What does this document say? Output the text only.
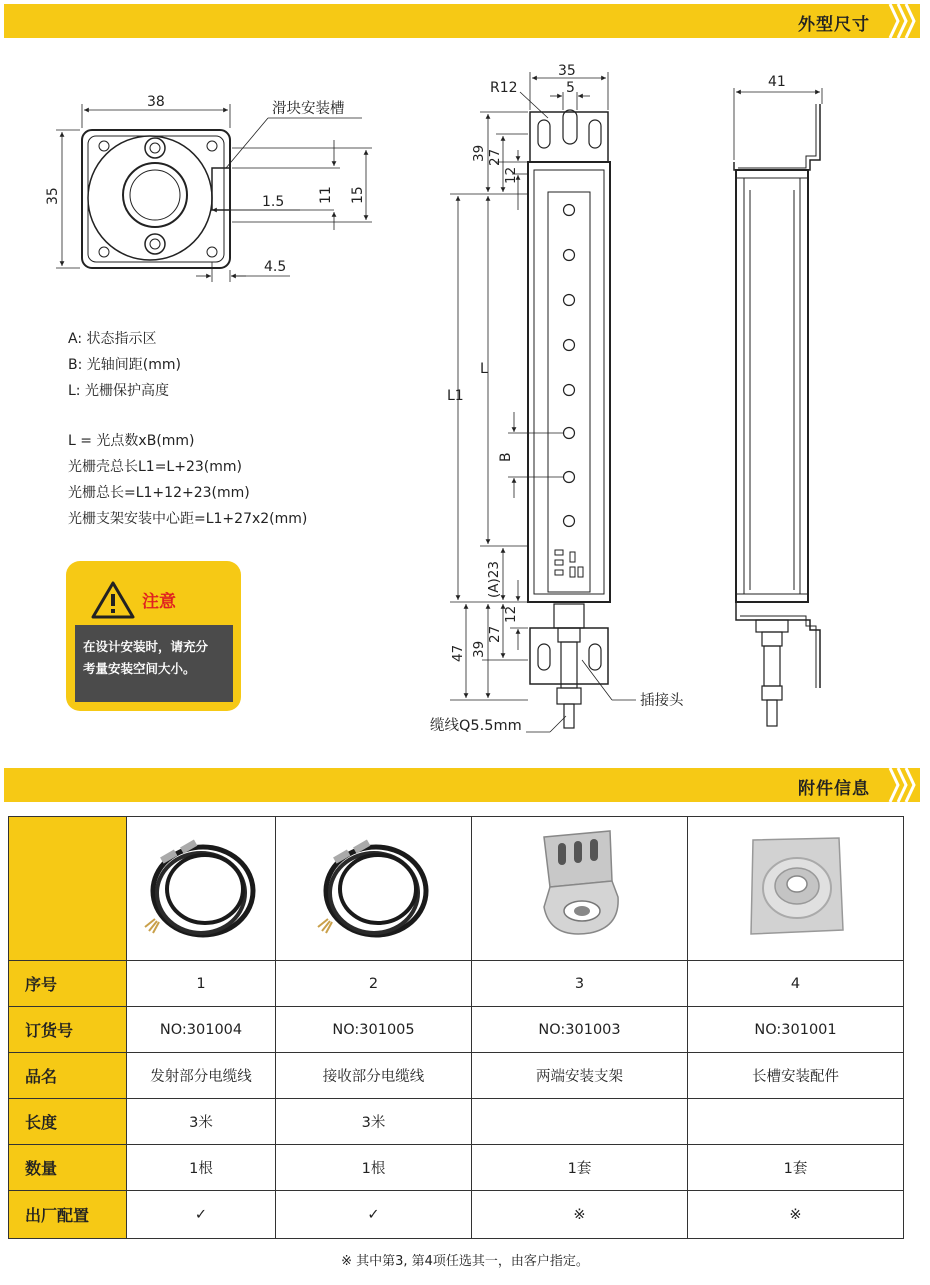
外型尺寸
38
35
滑块安装槽
1.5 11 15
4.5
35
R12	5
39 27
12
L1
L
B
(A)23
12
27
39
47
插接头
缆线Q5.5mm
41
A: 状态指示区
B: 光轴间距(mm)
L: 光栅保护高度
L = 光点数xB(mm)
光栅壳总长L1=L+23(mm)
光栅总长=L1+12+23(mm)
光栅支架安装中心距=L1+27x2(mm)
注意
在设计安装时，请充分
考量安装空间大小。
附件信息

序号	1	2	3	4
订货号	NO:301004	NO:301005	NO:301003	NO:301001
品名	发射部分电缆线	接收部分电缆线	两端安装支架	长槽安装配件
长度	3米	3米		
数量	1根	1根	1套	1套
出厂配置	✓	✓	※	※
※ 其中第3, 第4项任选其一，由客户指定。
